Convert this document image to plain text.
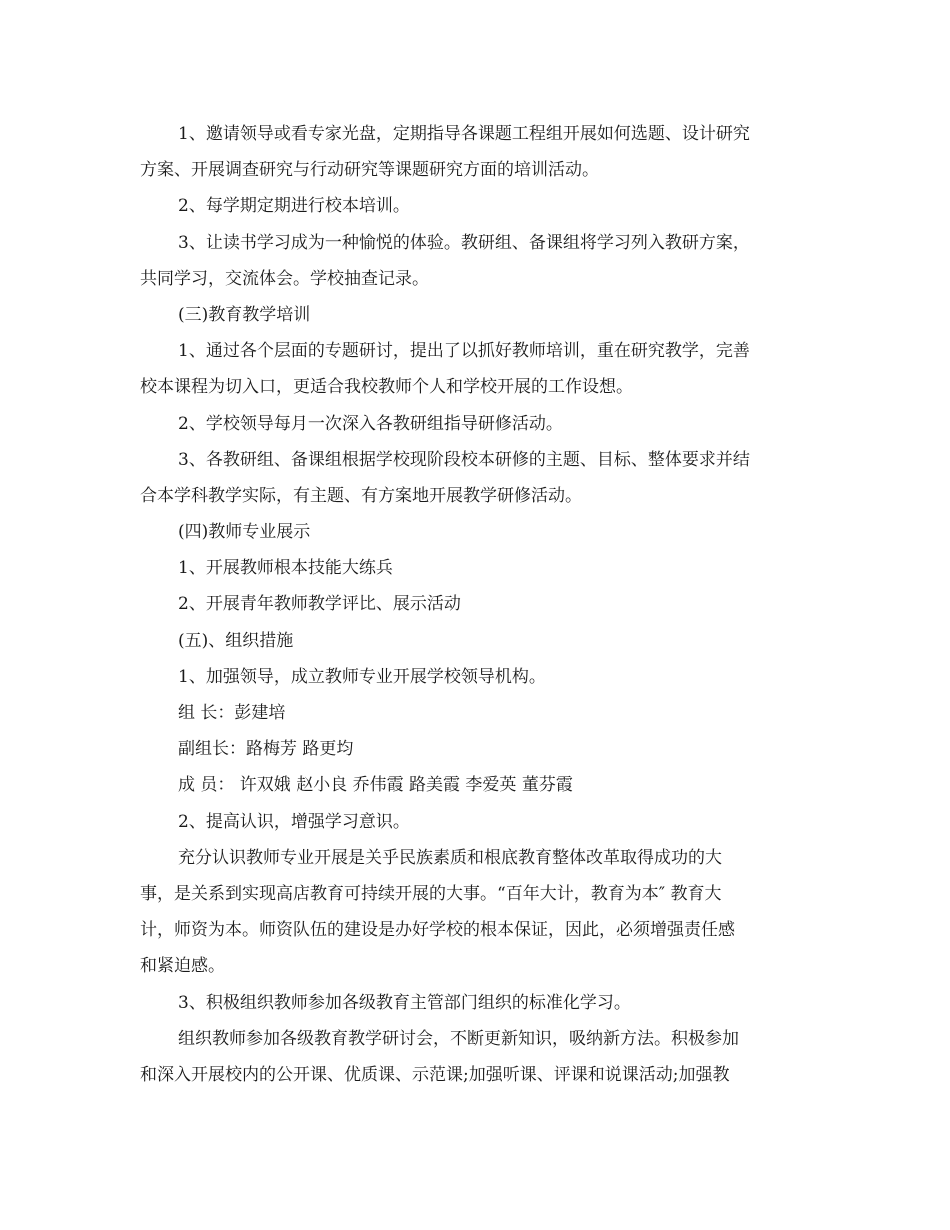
1、邀请领导或看专家光盘，定期指导各课题工程组开展如何选题、设计研究
方案、开展调查研究与行动研究等课题研究方面的培训活动。
2、每学期定期进行校本培训。
3、让读书学习成为一种愉悦的体验。教研组、备课组将学习列入教研方案，
共同学习，交流体会。学校抽查记录。
(三)教育教学培训
1、通过各个层面的专题研讨，提出了以抓好教师培训，重在研究教学，完善
校本课程为切入口，更适合我校教师个人和学校开展的工作设想。
2、学校领导每月一次深入各教研组指导研修活动。
3、各教研组、备课组根据学校现阶段校本研修的主题、目标、整体要求并结
合本学科教学实际，有主题、有方案地开展教学研修活动。
(四)教师专业展示
1、开展教师根本技能大练兵
2、开展青年教师教学评比、展示活动
(五)、组织措施
1、加强领导，成立教师专业开展学校领导机构。
组 长：彭建培
副组长：路梅芳 路更均
成 员： 许双娥 赵小良 乔伟霞 路美霞 李爱英 董芬霞
2、提高认识，增强学习意识。
充分认识教师专业开展是关乎民族素质和根底教育整体改革取得成功的大
事，是关系到实现高店教育可持续开展的大事。“百年大计，教育为本″ 教育大
计，师资为本。师资队伍的建设是办好学校的根本保证，因此，必须增强责任感
和紧迫感。
3、积极组织教师参加各级教育主管部门组织的标准化学习。
组织教师参加各级教育教学研讨会，不断更新知识，吸纳新方法。积极参加
和深入开展校内的公开课、优质课、示范课;加强听课、评课和说课活动;加强教
